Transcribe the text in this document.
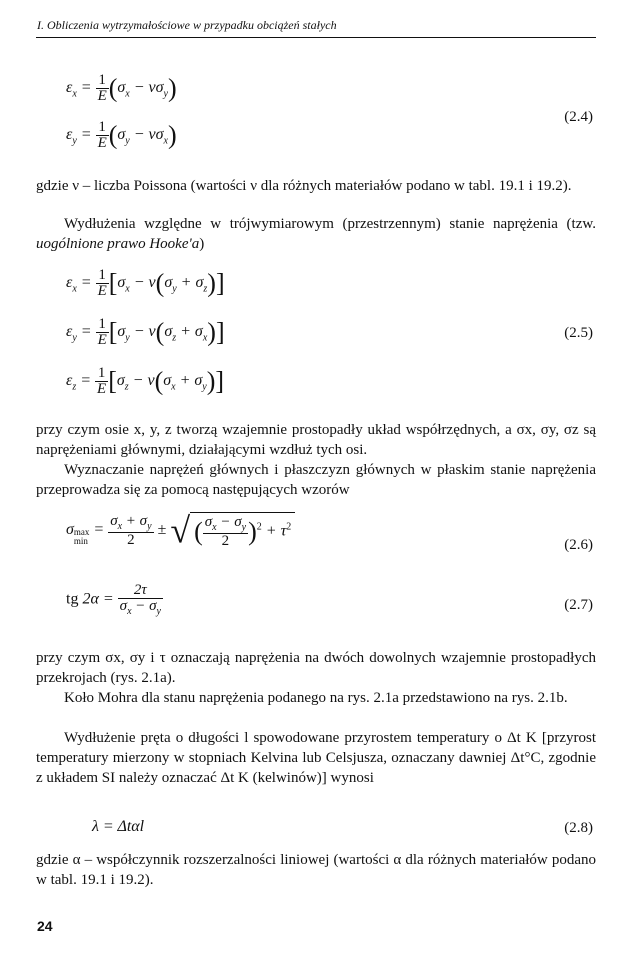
I. Obliczenia wytrzymałościowe w przypadku obciążeń stałych
$\varepsilon_x = \frac{1}{E} (\sigma_x - \nu\sigma_y)$
$\varepsilon_y = \frac{1}{E} (\sigma_y - \nu\sigma_x)$
(2.4)

gdzie ν – liczba Poissona (wartości ν dla różnych materiałów podano w tabl. 19.1 i 19.2).

Wydłużenia względne w trójwymiarowym (przestrzennym) stanie naprężenia (tzw. uogólnione prawo Hooke'a)

$\varepsilon_x = \frac{1}{E} [\sigma_x - \nu(\sigma_y + \sigma_z)]$
$\varepsilon_y = \frac{1}{E} [\sigma_y - \nu(\sigma_z + \sigma_x)]$	(2.5)
$\varepsilon_z = \frac{1}{E} [\sigma_z - \nu(\sigma_x + \sigma_y)]$

przy czym osie x, y, z tworzą wzajemnie prostopadły układ współrzędnych, a σx, σy, σz są naprężeniami głównymi, działającymi wzdłuż tych osi.

Wyznaczanie naprężeń głównych i płaszczyzn głównych w płaskim stanie naprężenia przeprowadza się za pomocą następujących wzorów

σmax
$\min = \frac{\sigma_x + \sigma_y}{2}$ ± √ ( $\frac{\sigma_x - \sigma_y}{2} )^2 + \tau^2$
(2.6)
tg $2\alpha = \frac{2\tau}{\sigma_x - \sigma_y}$	(2.7)

przy czym σx, σy i τ oznaczają naprężenia na dwóch dowolnych wzajemnie prostopadłych przekrojach (rys. 2.1a).

Koło Mohra dla stanu naprężenia podanego na rys. 2.1a przedstawiono na rys. 2.1b.

Wydłużenie pręta o długości l spowodowane przyrostem temperatury o Δt K [przyrost temperatury mierzony w stopniach Kelvina lub Celsjusza, oznaczany dawniej Δt°C, zgodnie z układem SI należy oznaczać Δt K (kelwinów)] wynosi

λ = Δtαl	(2.8)

gdzie α – współczynnik rozszerzalności liniowej (wartości α dla różnych materiałów podano w tabl. 19.1 i 19.2).

24
